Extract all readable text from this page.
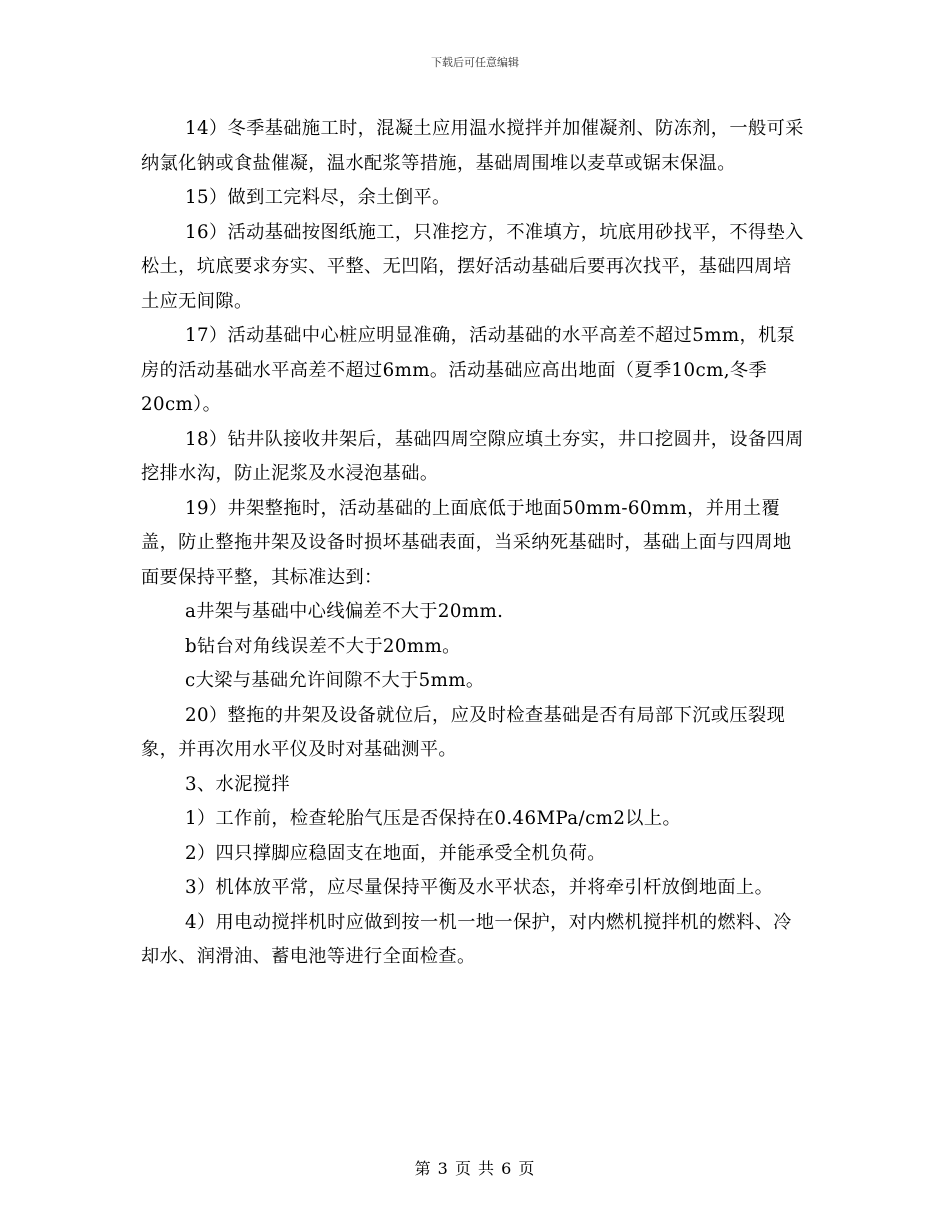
下载后可任意编辑

14）冬季基础施工时，混凝土应用温水搅拌并加催凝剂、防冻剂，一般可采纳氯化钠或食盐催凝，温水配浆等措施，基础周围堆以麦草或锯末保温。

15）做到工完料尽，余土倒平。

16）活动基础按图纸施工，只准挖方，不准填方，坑底用砂找平，不得垫入松土，坑底要求夯实、平整、无凹陷，摆好活动基础后要再次找平，基础四周培土应无间隙。

17）活动基础中心桩应明显准确，活动基础的水平高差不超过5mm，机泵房的活动基础水平高差不超过6mm。活动基础应高出地面（夏季10cm,冬季20cm）。

18）钻井队接收井架后，基础四周空隙应填土夯实，井口挖圆井，设备四周挖排水沟，防止泥浆及水浸泡基础。

19）井架整拖时，活动基础的上面底低于地面50mm-60mm，并用土覆盖，防止整拖井架及设备时损坏基础表面，当采纳死基础时，基础上面与四周地面要保持平整，其标准达到：

a井架与基础中心线偏差不大于20mm.

b钻台对角线误差不大于20mm。

c大梁与基础允许间隙不大于5mm。

20）整拖的井架及设备就位后，应及时检查基础是否有局部下沉或压裂现象，并再次用水平仪及时对基础测平。

3、水泥搅拌

1）工作前，检查轮胎气压是否保持在0.46MPa/cm2以上。

2）四只撑脚应稳固支在地面，并能承受全机负荷。

3）机体放平常，应尽量保持平衡及水平状态，并将牵引杆放倒地面上。

4）用电动搅拌机时应做到按一机一地一保护，对内燃机搅拌机的燃料、冷却水、润滑油、蓄电池等进行全面检查。

第 3 页 共 6 页
